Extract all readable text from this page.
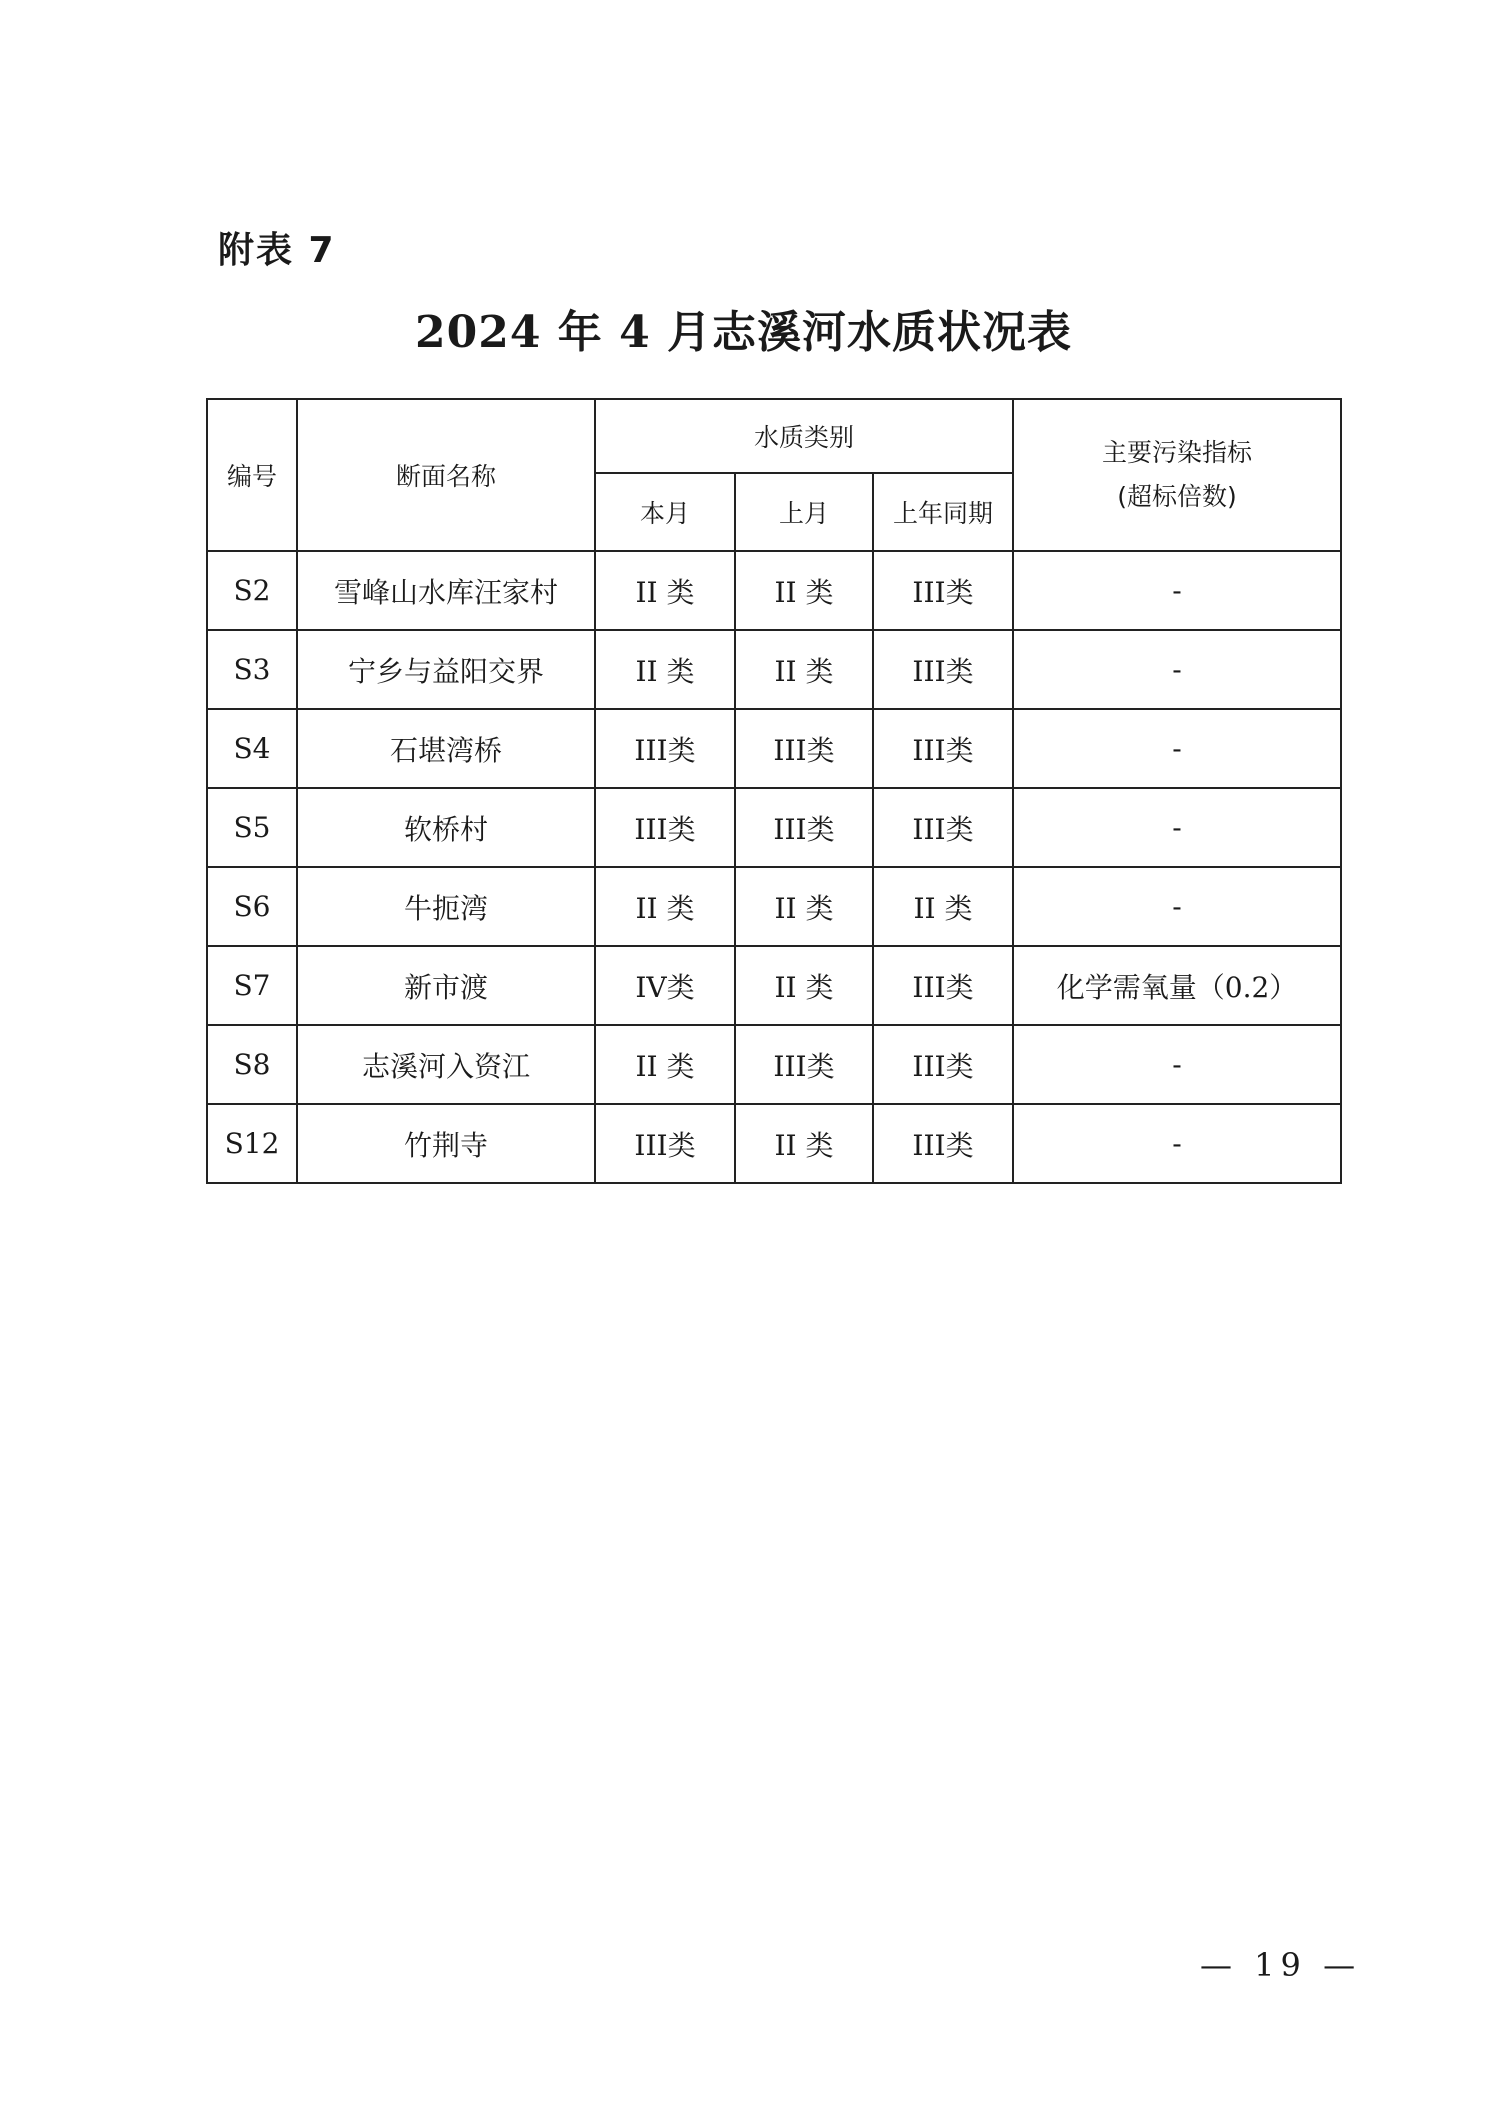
附表 7
2024 年 4 月志溪河水质状况表
编号	断面名称	水质类别			主要污染指标
(超标倍数)

		本月	上月	上年同期	
S2	雪峰山水库汪家村	II 类	II 类	III类	-
S3	宁乡与益阳交界	II 类	II 类	III类	-
S4	石堪湾桥	III类	III类	III类	-
S5	软桥村	III类	III类	III类	-
S6	牛扼湾	II 类	II 类	II 类	-
S7	新市渡	IV类	II 类	III类	化学需氧量（0.2）
S8	志溪河入资江	II 类	III类	III类	-
S12	竹荆寺	III类	II 类	III类	-
— 19 —
